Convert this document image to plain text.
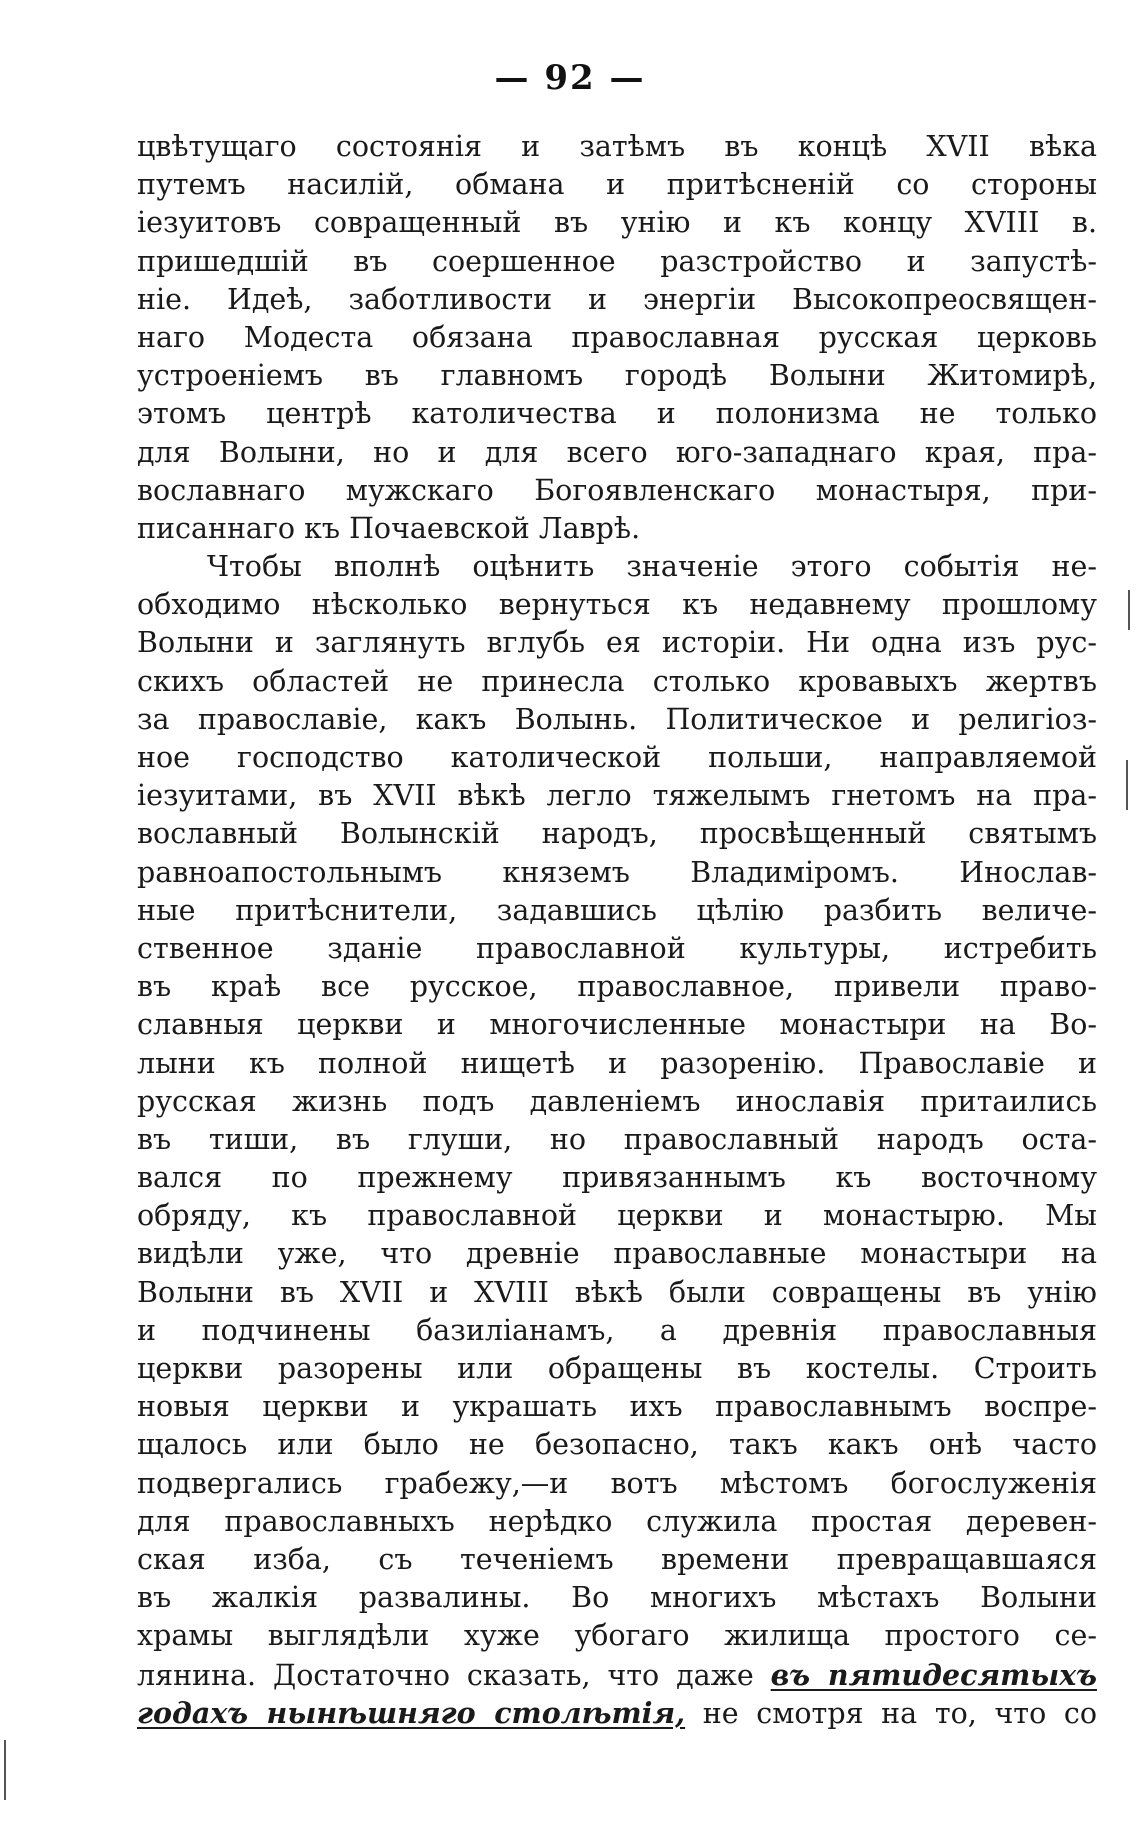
— 92 —
цвѣтущаго состоянія и затѣмъ въ концѣ XVII вѣка
путемъ насилій, обмана и притѣсненій со стороны
іезуитовъ совращенный въ унію и къ концу XVIII в.
пришедшій въ соершенное разстройство и запустѣ-
ніе. Идеѣ, заботливости и энергіи Высокопреосвящен-
наго Модеста обязана православная русская церковь
устроеніемъ въ главномъ городѣ Волыни Житомирѣ,
этомъ центрѣ католичества и полонизма не только
для Волыни, но и для всего юго-западнаго края, пра-
вославнаго мужскаго Богоявленскаго монастыря, при-
писаннаго къ Почаевской Лаврѣ.
Чтобы вполнѣ оцѣнить значеніе этого событія не-
обходимо нѣсколько вернуться къ недавнему прошлому
Волыни и заглянуть вглубь ея исторіи. Ни одна изъ рус-
скихъ областей не принесла столько кровавыхъ жертвъ
за православіе, какъ Волынь. Политическое и религіоз-
ное господство католической польши, направляемой
іезуитами, въ XVII вѣкѣ легло тяжелымъ гнетомъ на пра-
вославный Волынскій народъ, просвѣщенный святымъ
равноапостольнымъ княземъ Владиміромъ. Инослав-
ные притѣснители, задавшись цѣлію разбить величе-
ственное зданіе православной культуры, истребить
въ краѣ все русское, православное, привели право-
славныя церкви и многочисленные монастыри на Во-
лыни къ полной нищетѣ и разоренію. Православіе и
русская жизнь подъ давленіемъ инославія притаились
въ тиши, въ глуши, но православный народъ оста-
вался по прежнему привязаннымъ къ восточному
обряду, къ православной церкви и монастырю. Мы
видѣли уже, что древніе православные монастыри на
Волыни въ XVII и XVIII вѣкѣ были совращены въ унію
и подчинены базиліанамъ, а древнія православныя
церкви разорены или обращены въ костелы. Строить
новыя церкви и украшать ихъ православнымъ воспре-
щалось или было не безопасно, такъ какъ онѣ часто
подвергались грабежу,—и вотъ мѣстомъ богослуженія
для православныхъ нерѣдко служила простая деревен-
ская изба, съ теченіемъ времени превращавшаяся
въ жалкія развалины. Во многихъ мѣстахъ Волыни
храмы выглядѣли хуже убогаго жилища простого се-
лянина. Достаточно сказать, что даже въ пятидесятыхъ
годахъ нынѣшняго столѣтія, не смотря на то, что со
